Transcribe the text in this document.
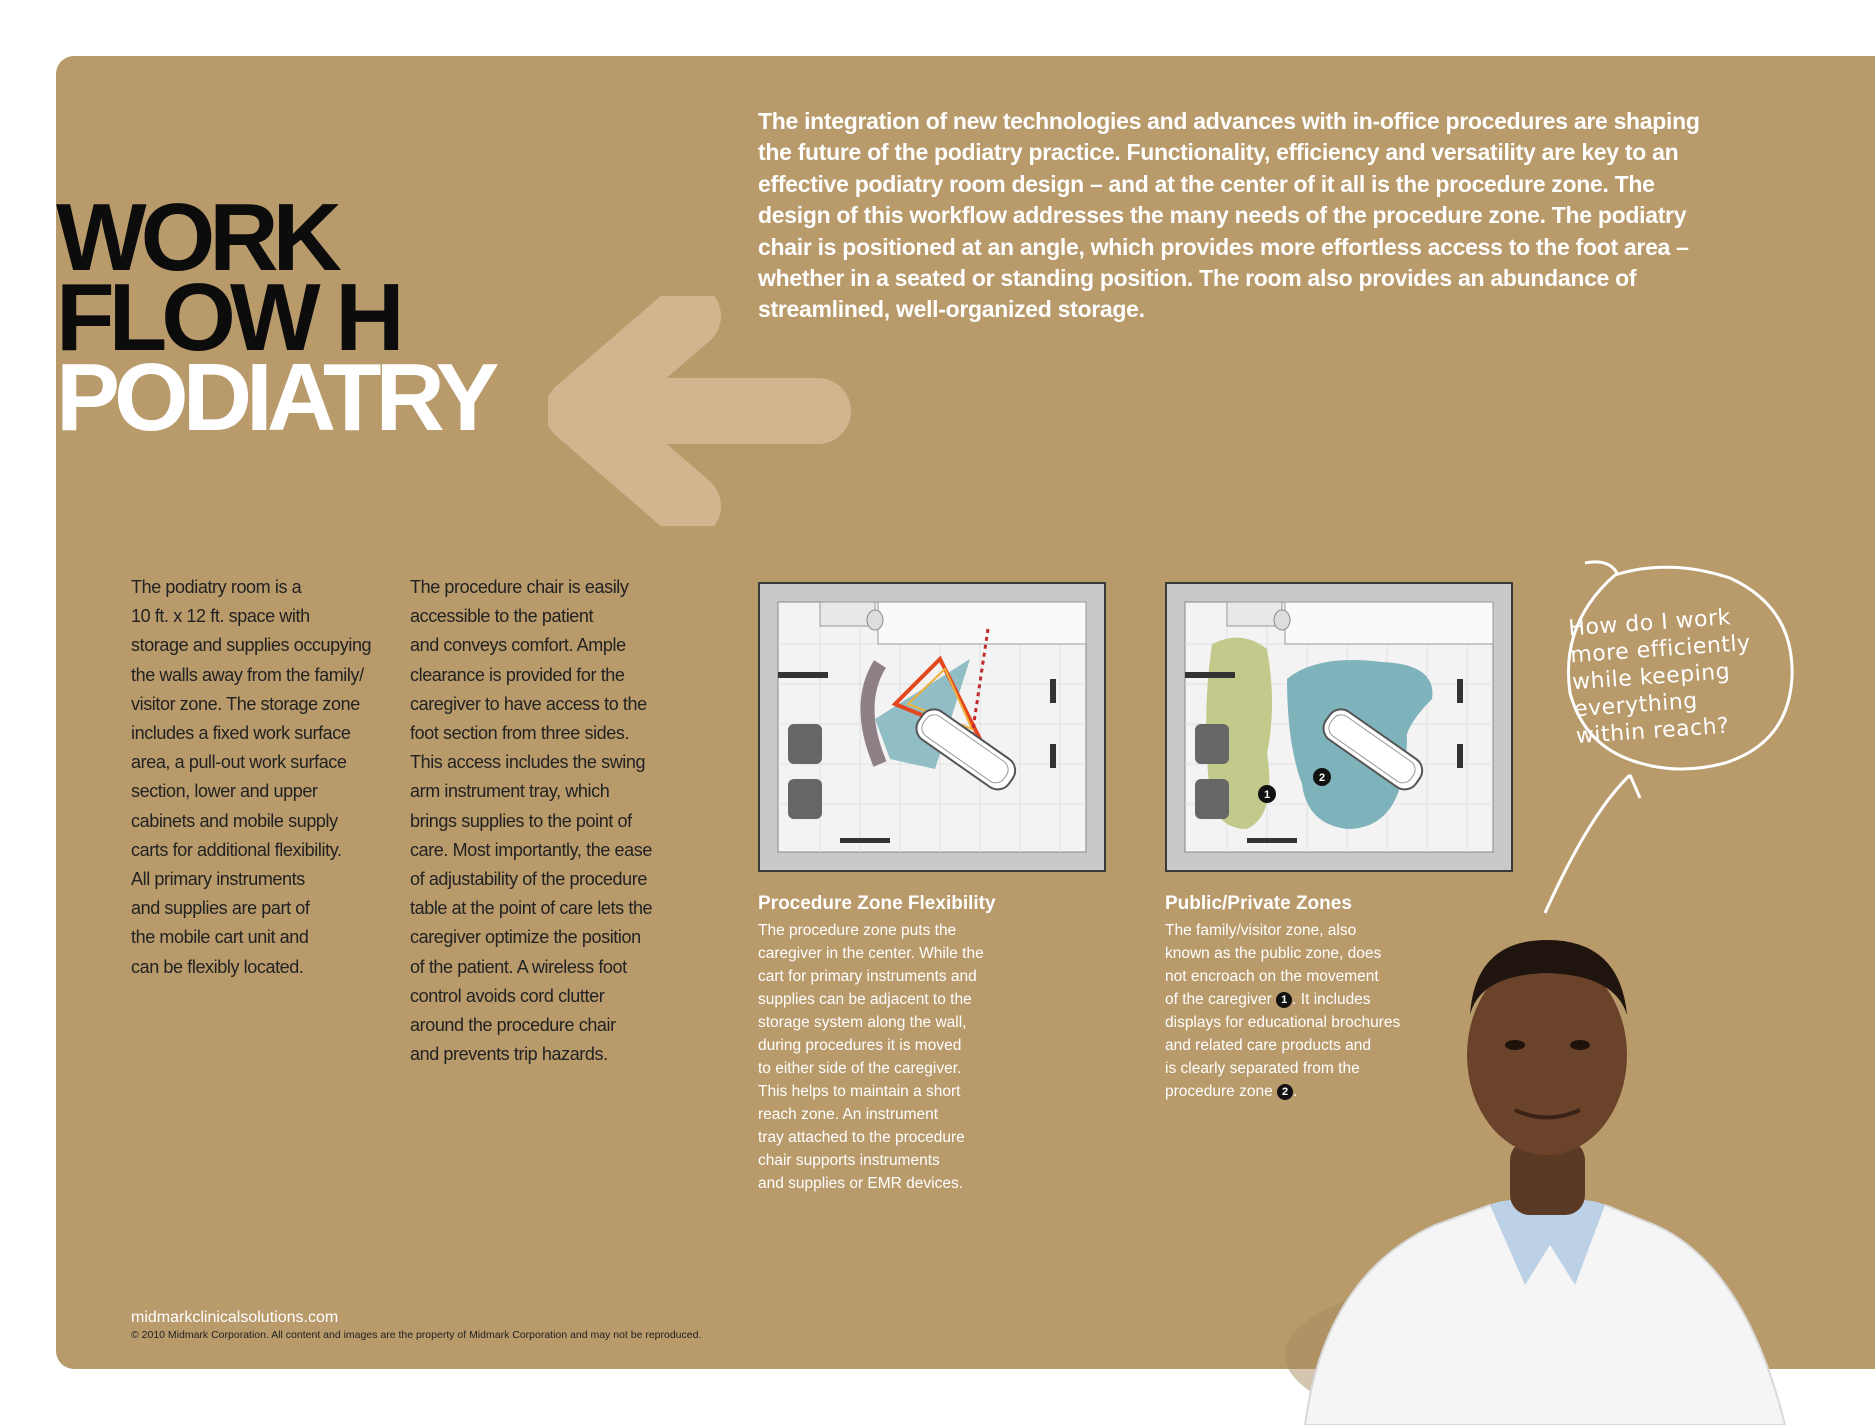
WORK
FLOW H
PODIATRY

The integration of new technologies and advances with in-office procedures are shaping the future of the podiatry practice. Functionality, efficiency and versatility are key to an effective podiatry room design – and at the center of it all is the procedure zone. The design of this workflow addresses the many needs of the procedure zone. The podiatry chair is positioned at an angle, which provides more effortless access to the foot area – whether in a seated or standing position. The room also provides an abundance of streamlined, well-organized storage.

The podiatry room is a
10 ft. x 12 ft. space with
storage and supplies occupying
the walls away from the family/
visitor zone. The storage zone
includes a fixed work surface
area, a pull-out work surface
section, lower and upper
cabinets and mobile supply
carts for additional flexibility.
All primary instruments
and supplies are part of
the mobile cart unit and
can be flexibly located.
The procedure chair is easily
accessible to the patient
and conveys comfort. Ample
clearance is provided for the
caregiver to have access to the
foot section from three sides.
This access includes the swing
arm instrument tray, which
brings supplies to the point of
care. Most importantly, the ease
of adjustability of the procedure
table at the point of care lets the
caregiver optimize the position
of the patient. A wireless foot
control avoids cord clutter
around the procedure chair
and prevents trip hazards.
1
2
Procedure Zone Flexibility
The procedure zone puts the
caregiver in the center. While the
cart for primary instruments and
supplies can be adjacent to the
storage system along the wall,
during procedures it is moved
to either side of the caregiver.
This helps to maintain a short
reach zone. An instrument
tray attached to the procedure
chair supports instruments
and supplies or EMR devices.
Public/Private Zones
The family/visitor zone, also
known as the public zone, does
not encroach on the movement
of the caregiver 1 . It includes
displays for educational brochures
and related care products and
is clearly separated from the
procedure zone 2 .
How do I work
more efficiently
while keeping
everything
within reach?
midmarkclinicalsolutions.com
© 2010 Midmark Corporation. All content and images are the property of Midmark Corporation and may not be reproduced.
